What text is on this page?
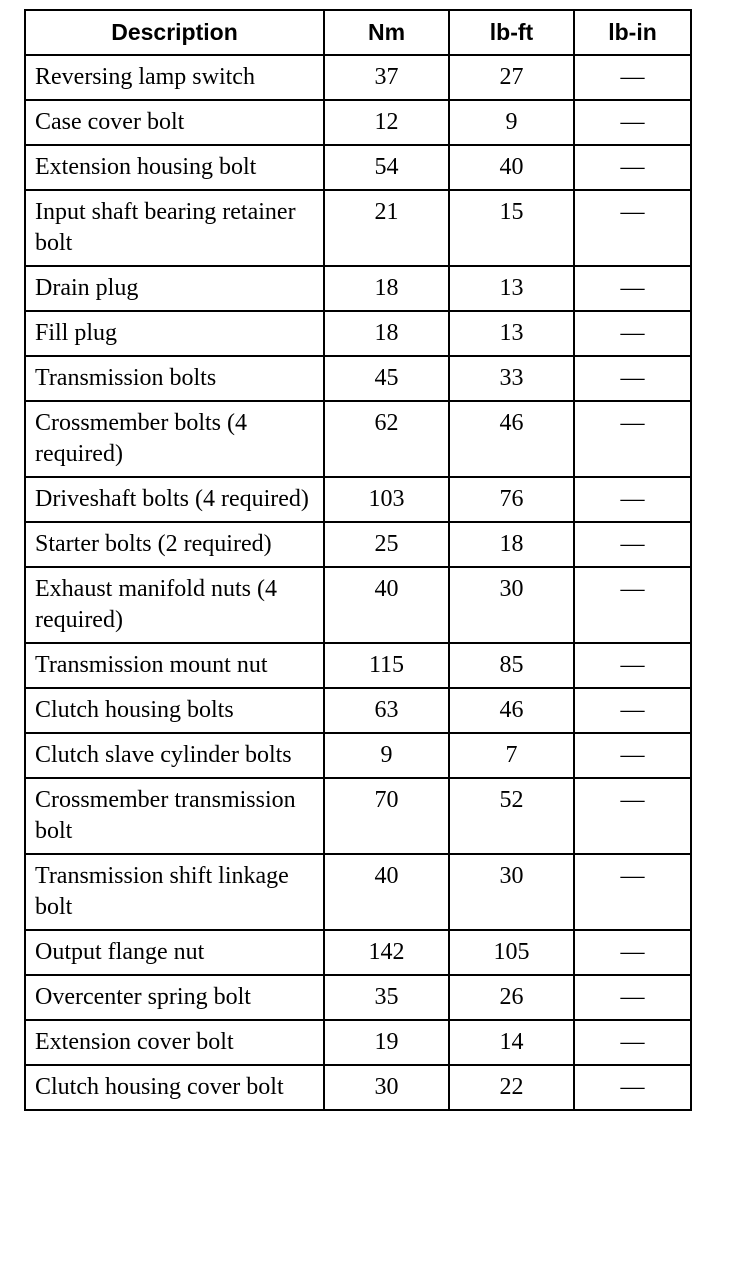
Description	Nm	lb-ft	lb-in
Reversing lamp switch	37	27	—
Case cover bolt	12	9	—
Extension housing bolt	54	40	—
Input shaft bearing retainer bolt	21	15	—
Drain plug	18	13	—
Fill plug	18	13	—
Transmission bolts	45	33	—
Crossmember bolts (4 required)	62	46	—
Driveshaft bolts (4 required)	103	76	—
Starter bolts (2 required)	25	18	—
Exhaust manifold nuts (4 required)	40	30	—
Transmission mount nut	115	85	—
Clutch housing bolts	63	46	—
Clutch slave cylinder bolts	9	7	—
Crossmember transmission bolt	70	52	—
Transmission shift linkage bolt	40	30	—
Output flange nut	142	105	—
Overcenter spring bolt	35	26	—
Extension cover bolt	19	14	—
Clutch housing cover bolt	30	22	—
